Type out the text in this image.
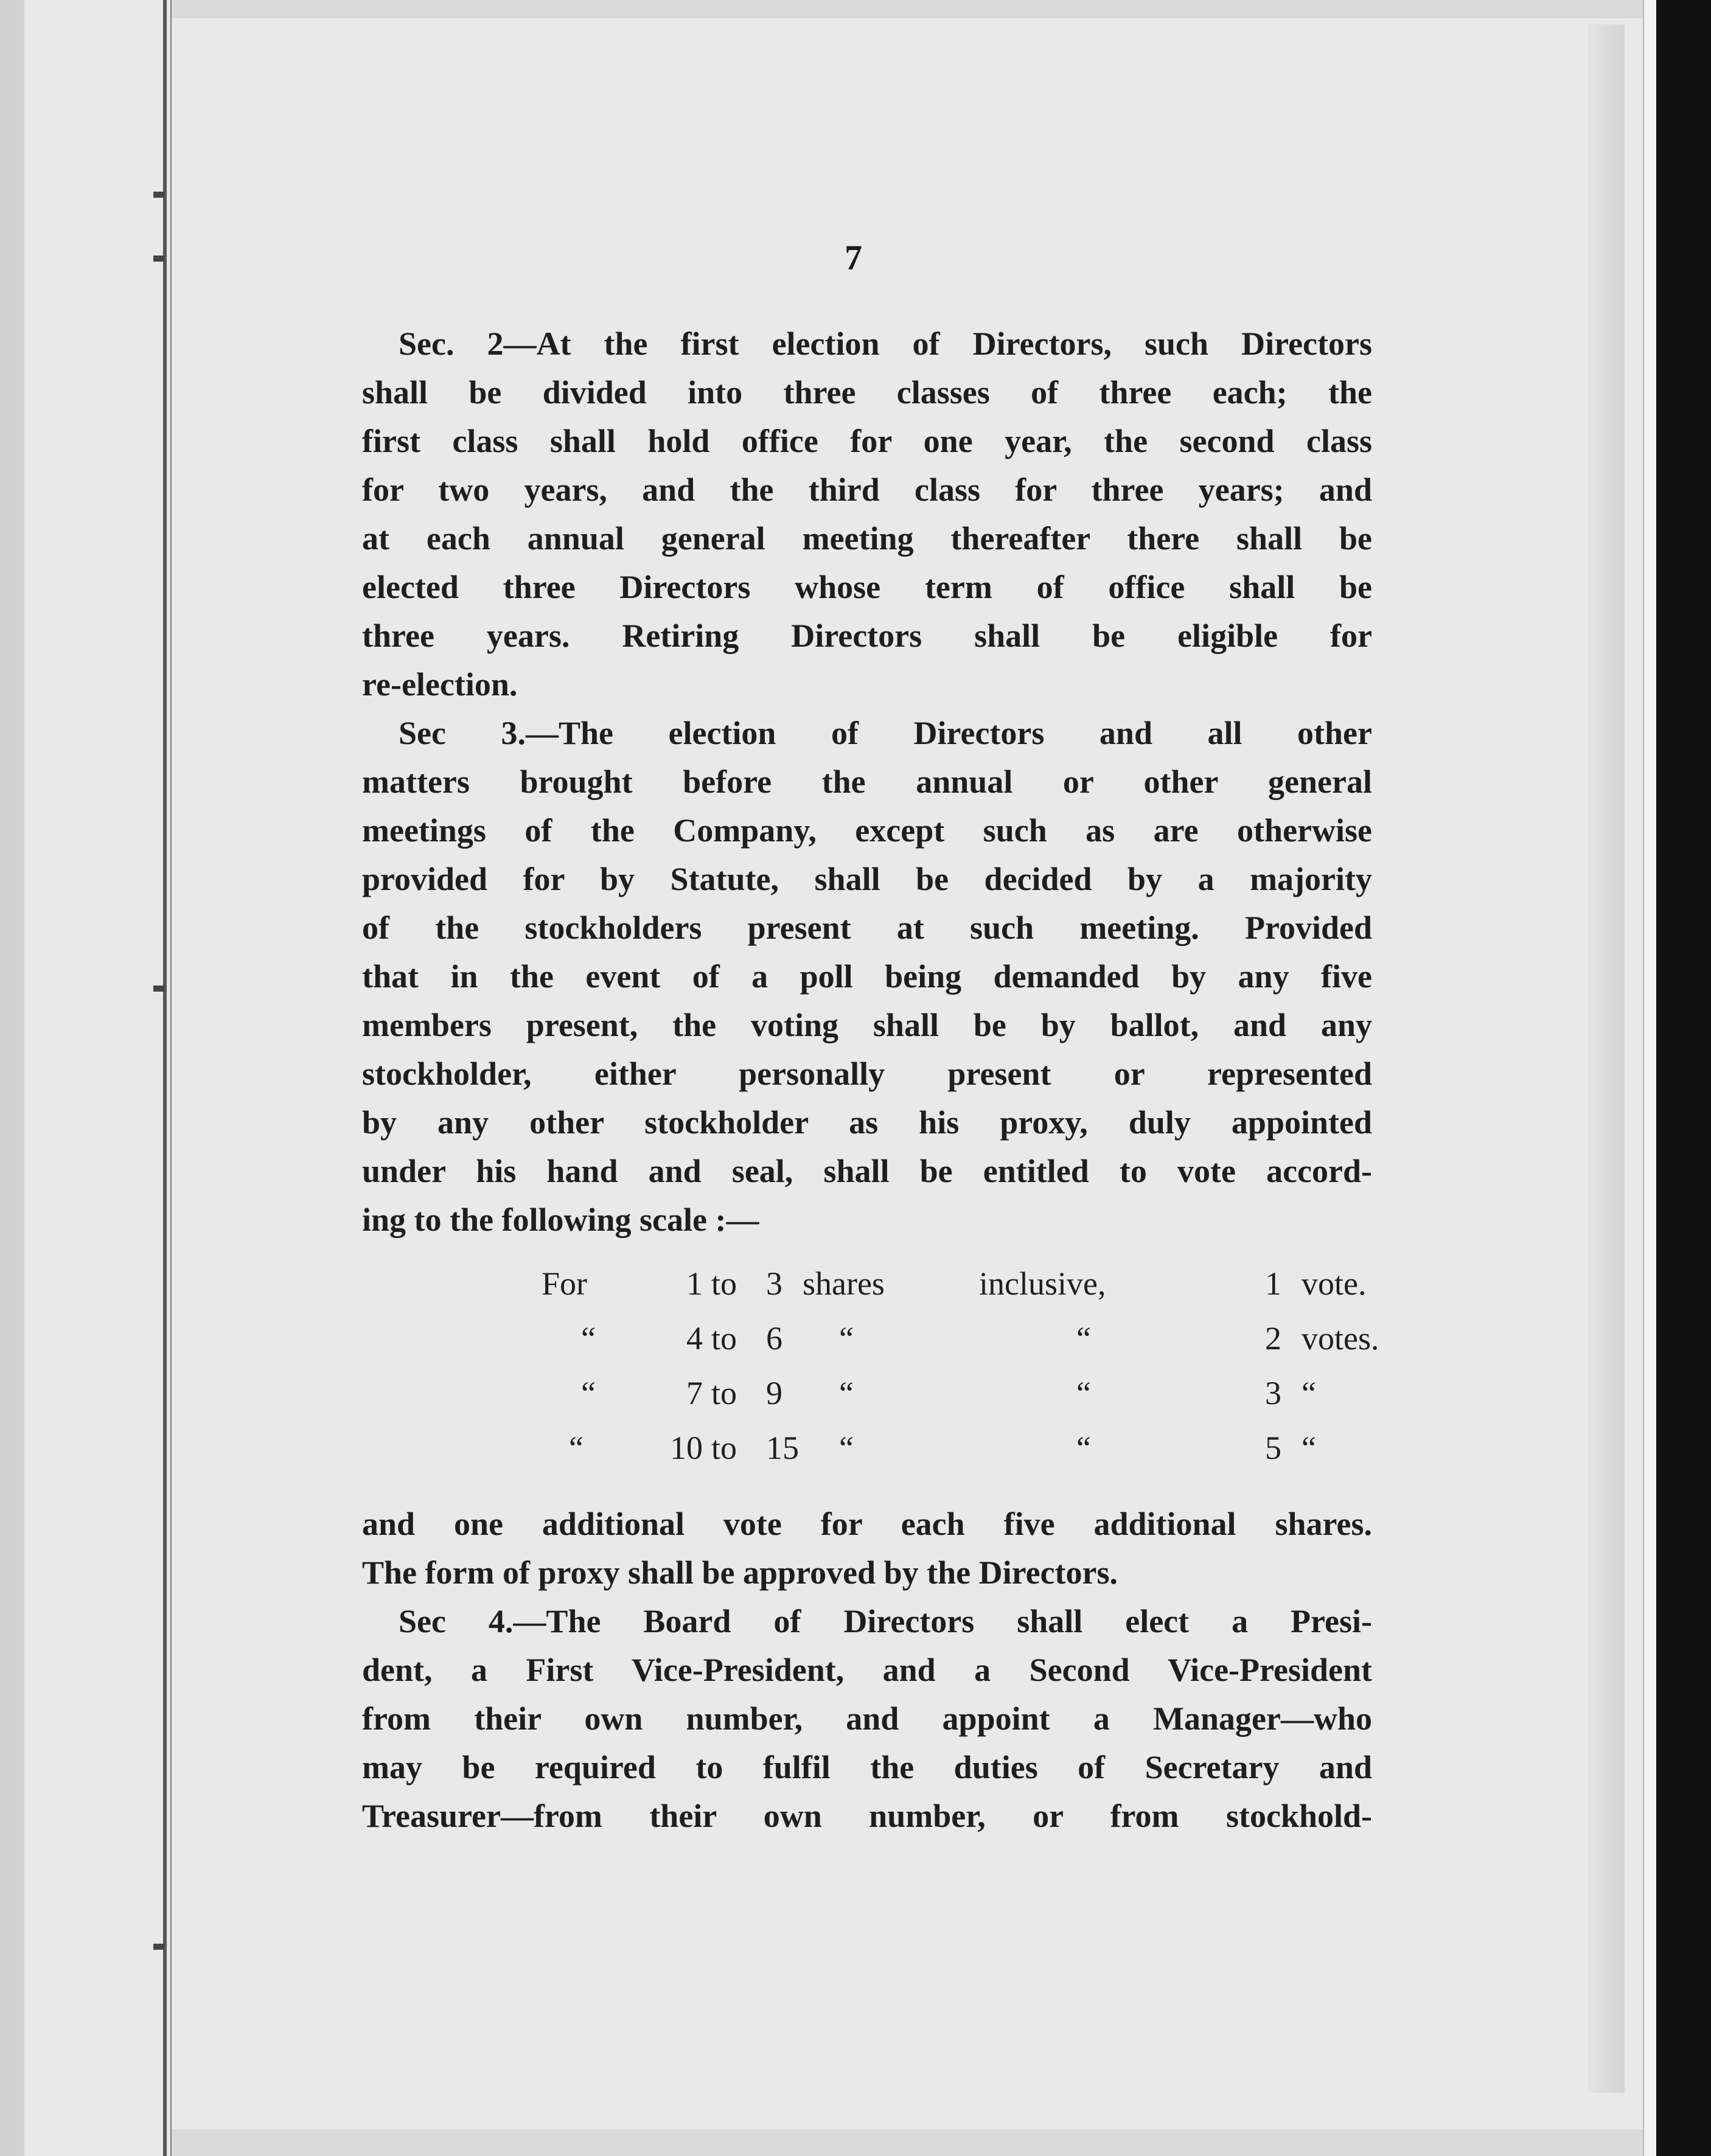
7
Sec. 2—At the first election of Directors, such Directors
shall be divided into three classes of three each; the
first class shall hold office for one year, the second class
for two years, and the third class for three years; and
at each annual general meeting thereafter there shall be
elected three Directors whose term of office shall be
three years. Retiring Directors shall be eligible for
re-election.
Sec 3.—The election of Directors and all other
matters brought before the annual or other general
meetings of the Company, except such as are otherwise
provided for by Statute, shall be decided by a majority
of the stockholders present at such meeting. Provided
that in the event of a poll being demanded by any five
members present, the voting shall be by ballot, and any
stockholder, either personally present or represented
by any other stockholder as his proxy, duly appointed
under his hand and seal, shall be entitled to vote accord-
ing to the following scale :—
For	1	to	3	shares	inclusive,	1	vote.
“	4	to	6	“	“	2	votes.
“	7	to	9	“	“	3	“
“	10	to	15	“	“	5	“
and one additional vote for each five additional shares.
The form of proxy shall be approved by the Directors.
Sec 4.—The Board of Directors shall elect a Presi-
dent, a First Vice-President, and a Second Vice-President
from their own number, and appoint a Manager—who
may be required to fulfil the duties of Secretary and
Treasurer—from their own number, or from stockhold-
